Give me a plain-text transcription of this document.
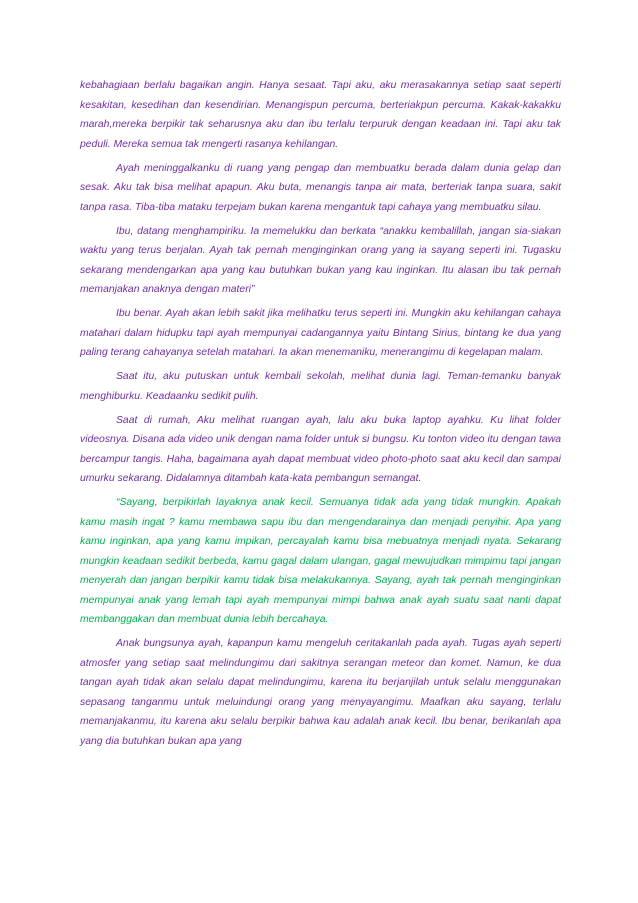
kebahagiaan berlalu bagaikan angin. Hanya sesaat. Tapi aku, aku merasakannya setiap saat seperti kesakitan, kesedihan dan kesendirian. Menangispun percuma, berteriakpun percuma. Kakak-kakakku marah,mereka berpikir tak seharusnya aku dan ibu terlalu terpuruk dengan keadaan ini. Tapi aku tak peduli. Mereka semua tak mengerti rasanya kehilangan.

Ayah meninggalkanku di ruang yang pengap dan membuatku berada dalam dunia gelap dan sesak. Aku tak bisa melihat apapun. Aku buta, menangis tanpa air mata, berteriak tanpa suara, sakit tanpa rasa. Tiba-tiba mataku terpejam bukan karena mengantuk tapi cahaya yang membuatku silau.

Ibu, datang menghampiriku. Ia memelukku dan berkata “anakku kembalillah, jangan sia-siakan waktu yang terus berjalan. Ayah tak pernah menginginkan orang yang ia sayang seperti ini. Tugasku sekarang mendengarkan apa yang kau butuhkan bukan yang kau inginkan. Itu alasan ibu tak pernah memanjakan anaknya dengan materi”

Ibu benar. Ayah akan lebih sakit jika melihatku terus seperti ini. Mungkin aku kehilangan cahaya matahari dalam hidupku tapi ayah mempunyai cadangannya yaitu Bintang Sirius, bintang ke dua yang paling terang cahayanya setelah matahari. Ia akan menemaniku, menerangimu di kegelapan malam.

Saat itu, aku putuskan untuk kembali sekolah, melihat dunia lagi. Teman-temanku banyak menghiburku. Keadaanku sedikit pulih.

Saat di rumah, Aku melihat ruangan ayah, lalu aku buka laptop ayahku. Ku lihat folder videosnya. Disana ada video unik dengan nama folder untuk si bungsu. Ku tonton video itu dengan tawa bercampur tangis. Haha, bagaimana ayah dapat membuat video photo-photo saat aku kecil dan sampai umurku sekarang. Didalamnya ditambah kata-kata pembangun semangat.

“Sayang, berpikirlah layaknya anak kecil. Semuanya tidak ada yang tidak mungkin. Apakah kamu masih ingat ? kamu membawa sapu ibu dan mengendarainya dan menjadi penyihir. Apa yang kamu inginkan, apa yang kamu impikan, percayalah kamu bisa mebuatnya menjadi nyata. Sekarang mungkin keadaan sedikit berbeda, kamu gagal dalam ulangan, gagal mewujudkan mimpimu tapi jangan menyerah dan jangan berpikir kamu tidak bisa melakukannya. Sayang, ayah tak pernah menginginkan mempunyai anak yang lemah tapi ayah mempunyai mimpi bahwa anak ayah suatu saat nanti dapat membanggakan dan membuat dunia lebih bercahaya.

Anak bungsunya ayah, kapanpun kamu mengeluh ceritakanlah pada ayah. Tugas ayah seperti atmosfer yang setiap saat melindungimu dari sakitnya serangan meteor dan komet. Namun, ke dua tangan ayah tidak akan selalu dapat melindungimu, karena itu berjanjilah untuk selalu menggunakan sepasang tanganmu untuk meluindungi orang yang menyayangimu. Maafkan aku sayang, terlalu memanjakanmu, itu karena aku selalu berpikir bahwa kau adalah anak kecil. Ibu benar, berikanlah apa yang dia butuhkan bukan apa yang
